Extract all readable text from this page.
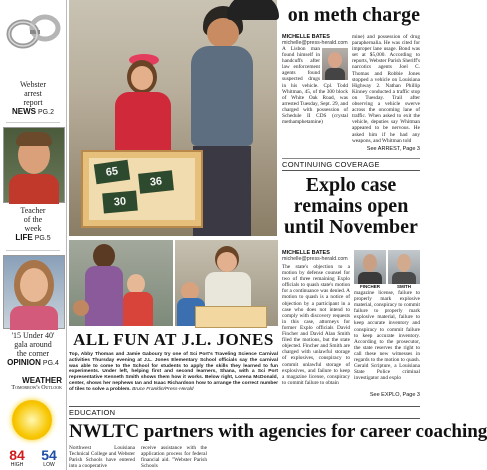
Webster
arrest
report
NEWS PG.2
Teacher
of the
week
LIFE PG.5
'15 Under 40'
gala around
the corner
OPINION PG.4
WEATHER
Tomorrow's Outlook
84
HIGH
54
LOW
65
36
30
on meth charge
MICHELLE BATES
michelle@press-herald.com

A Lisbon man found himself in handcuffs after law enforcement agents found suspected drugs in his vehicle. Cpl. Todd Whitman, 45, of the 300 block of White Oak Road, was arrested Tuesday, Sept. 29, and charged with possession of Schedule II CDS (crystal methamphetamine)

mine) and possession of drug paraphernalia. He was cited for improper lane usage. Bond was set at $5,000. According to reports, Webster Parish Sheriff's narcotics agents Joel C. Thomas and Robbie Jones stopped a vehicle on Louisiana Highway 2. Nathan Phillip Kinney conducted a traffic stop on Tuesday. Trail after observing a vehicle swerve across the oncoming lane of traffic. When asked to exit the vehicle, deputies say Whitman appeared to be nervous. He asked him if he had any weapons, and Whitman told

See ARREST, Page 3
CONTINUING COVERAGE
Explo case
remains open
until November
MICHELLE BATES
michelle@press-herald.com

The state's objection to a motion by defense counsel for two of three remaining Explo officials to quash state's motion for a continuance was denied. A motion to quash is a notice of objection by a participant in a case who does not intend to comply with discovery requests in this case, attorneys for former Explo officials David Fincher and David Alan Smith filed the motions, but the state objected. Fincher and Smith are charged with unlawful storage of explosives, conspiracy to commit unlawful storage of explosives, and failure to keep a magazine license, conspiracy to commit failure to obtain

FINCHER	SMITH

magazine license, failure to properly mark explosive material, conspiracy to commit failure to properly mark explosive material, failure to keep accurate inventory and conspiracy to commit failure to keep accurate inventory. According to the prosecutor, the state reserves the right to call these new witnesses in regards to the motion to quash. Gerald Scripture, a Louisiana State Police criminal investigator and explo

See EXPLO, Page 3
ALL FUN AT J.L. JONES

Top, Abby Thomas and Jamie Gaboury try one of Sci Port's Traveling Science Carnival activities Thursday evening at J.L. Jones Elementary School officials say the carnival was able to come to the School for students to apply the skills they learned to fun experiments. Under left, helping first and second learners, Shana, with a Sci Port representative Kenneth Smith shows them how it works. Below right, Lorena McDonald, center, shows her nephews Ian and Isaac Richardson how to arrange the correct number of tiles to solve a problem. Bruce Franklin/Press-Herald

EDUCATION
NWLTC partners with agencies for career coaching

Northwest Louisiana Technical College and Webster Parish Schools have entered into a cooperative

receive assistance with the application process for federal financial aid. "Webster Parish Schools
